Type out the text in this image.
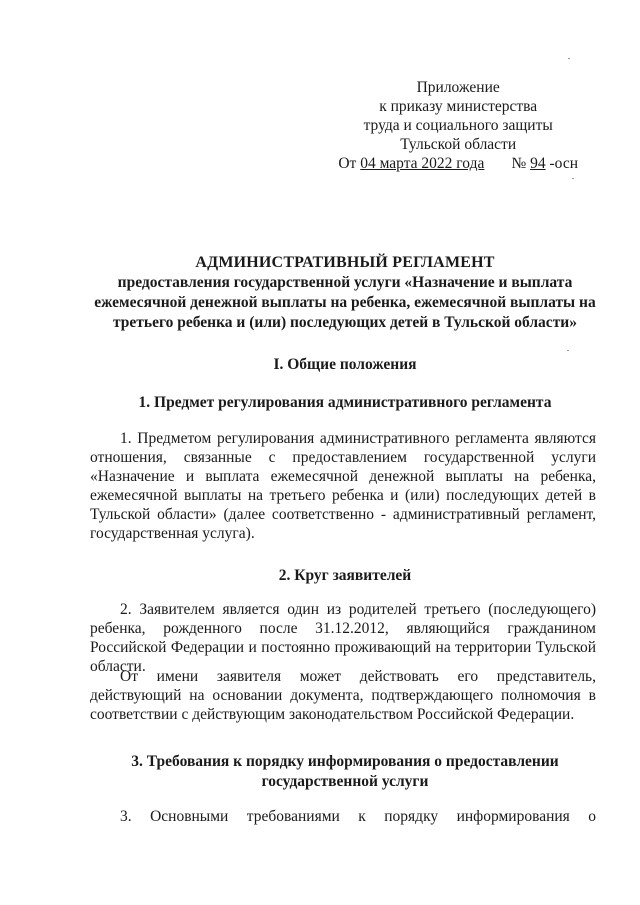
Приложение
к приказу министерства
труда и социального защиты
Тульской области
От 04 марта 2022 года № 94 -осн
АДМИНИСТРАТИВНЫЙ РЕГЛАМЕНТ
предоставления государственной услуги «Назначение и выплата
ежемесячной денежной выплаты на ребенка, ежемесячной выплаты на
третьего ребенка и (или) последующих детей в Тульской области»
I. Общие положения
1. Предмет регулирования административного регламента
1. Предметом регулирования административного регламента являются отношения, связанные с предоставлением государственной услуги «Назначение и выплата ежемесячной денежной выплаты на ребенка, ежемесячной выплаты на третьего ребенка и (или) последующих детей в Тульской области» (далее соответственно - административный регламент, государственная услуга).
2. Круг заявителей
2. Заявителем является один из родителей третьего (последующего) ребенка, рожденного после 31.12.2012, являющийся гражданином Российской Федерации и постоянно проживающий на территории Тульской области.
От имени заявителя может действовать его представитель, действующий на основании документа, подтверждающего полномочия в соответствии с действующим законодательством Российской Федерации.
3. Требования к порядку информирования о предоставлении
государственной услуги
3. Основными требованиями к порядку информирования о
